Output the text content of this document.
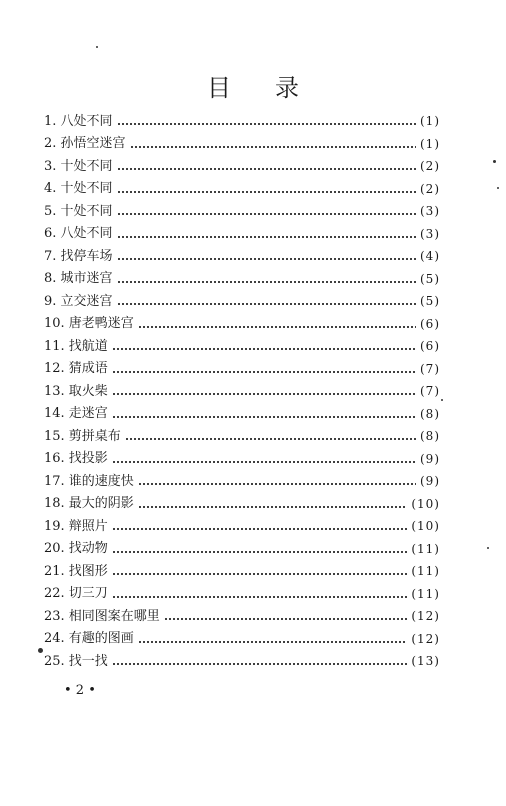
目 录
1. 八处不同	(1)
2. 孙悟空迷宫	(1)
3. 十处不同	(2)
4. 十处不同	(2)
5. 十处不同	(3)
6. 八处不同	(3)
7. 找停车场	(4)
8. 城市迷宫	(5)
9. 立交迷宫	(5)
10. 唐老鸭迷宫	(6)
11. 找航道	(6)
12. 猜成语	(7)
13. 取火柴	(7)
14. 走迷宫	(8)
15. 剪拼桌布	(8)
16. 找投影	(9)
17. 谁的速度快	(9)
18. 最大的阴影	(10)
19. 辩照片	(10)
20. 找动物	(11)
21. 找图形	(11)
22. 切三刀	(11)
23. 相同图案在哪里	(12)
24. 有趣的图画	(12)
25. 找一找	(13)
• 2 •
